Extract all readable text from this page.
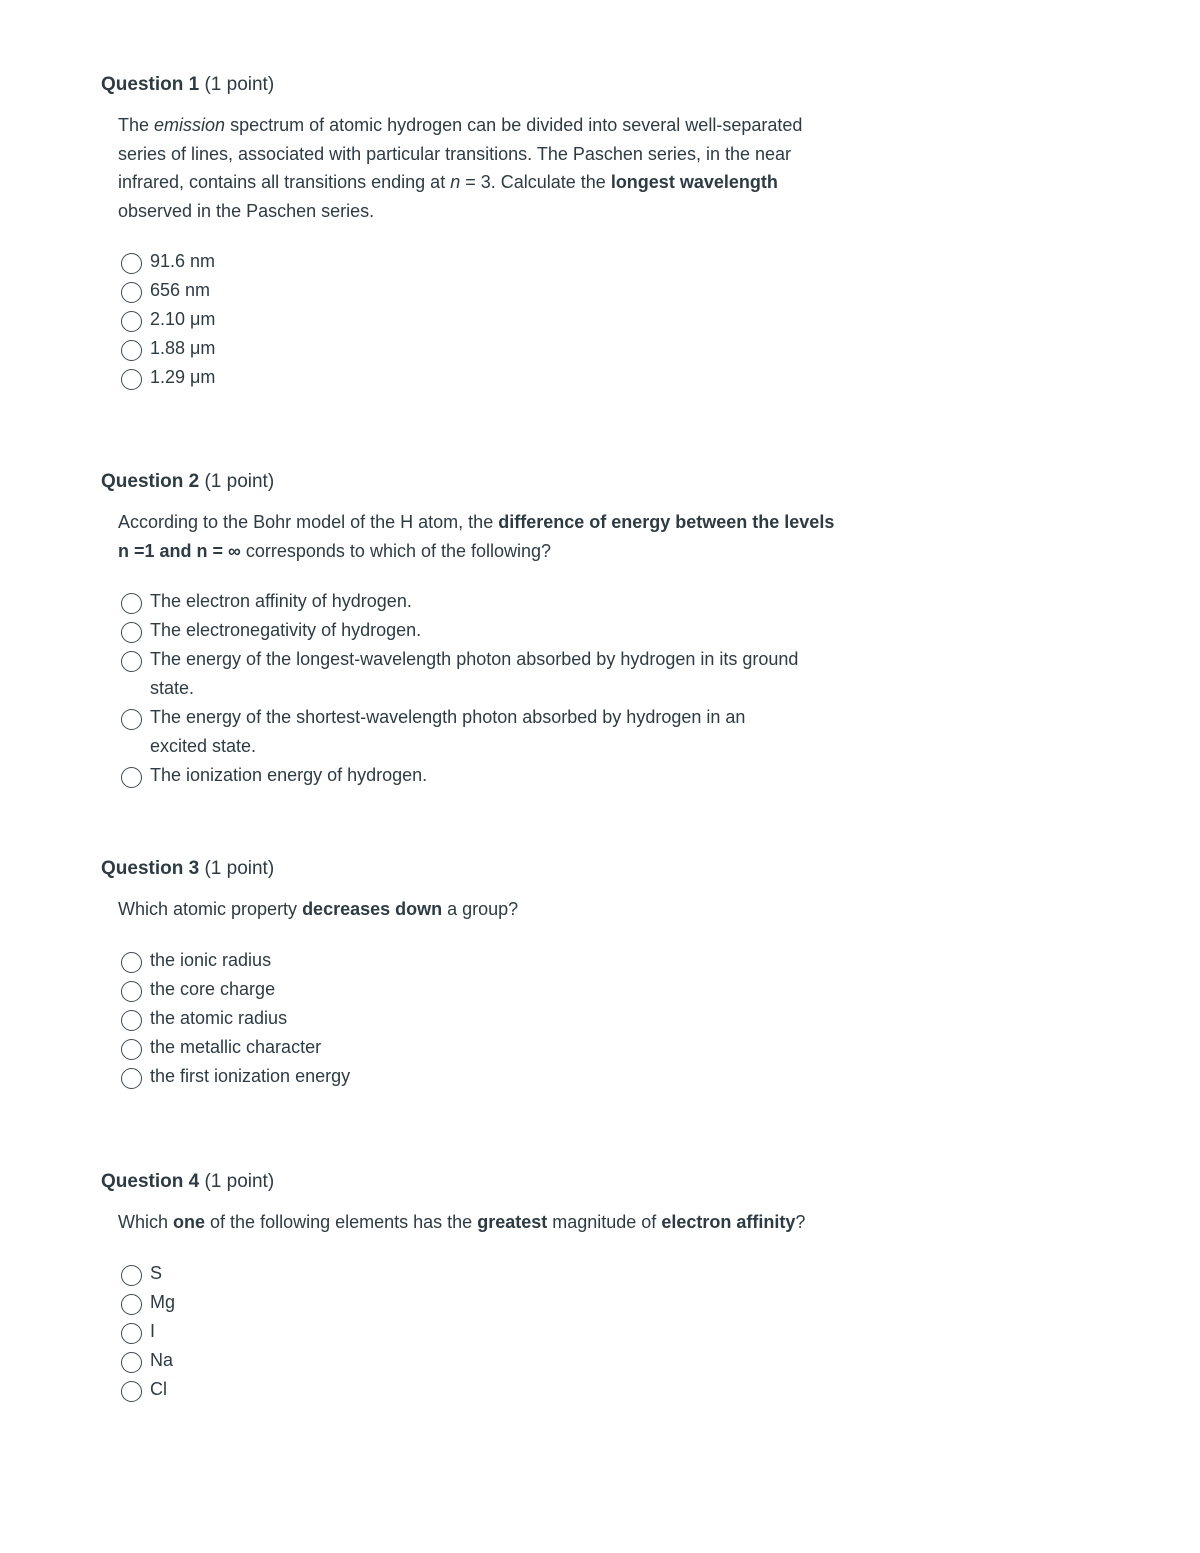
Question 1 (1 point)
The emission spectrum of atomic hydrogen can be divided into several well-separated series of lines, associated with particular transitions. The Paschen series, in the near infrared, contains all transitions ending at n = 3. Calculate the longest wavelength observed in the Paschen series.
91.6 nm
656 nm
2.10 μm
1.88 μm
1.29 μm
Question 2 (1 point)
According to the Bohr model of the H atom, the difference of energy between the levels n =1 and n = ∞ corresponds to which of the following?
The electron affinity of hydrogen.
The electronegativity of hydrogen.
The energy of the longest-wavelength photon absorbed by hydrogen in its ground state.
The energy of the shortest-wavelength photon absorbed by hydrogen in an excited state.
The ionization energy of hydrogen.
Question 3 (1 point)
Which atomic property decreases down a group?
the ionic radius
the core charge
the atomic radius
the metallic character
the first ionization energy
Question 4 (1 point)
Which one of the following elements has the greatest magnitude of electron affinity?
S
Mg
I
Na
Cl
